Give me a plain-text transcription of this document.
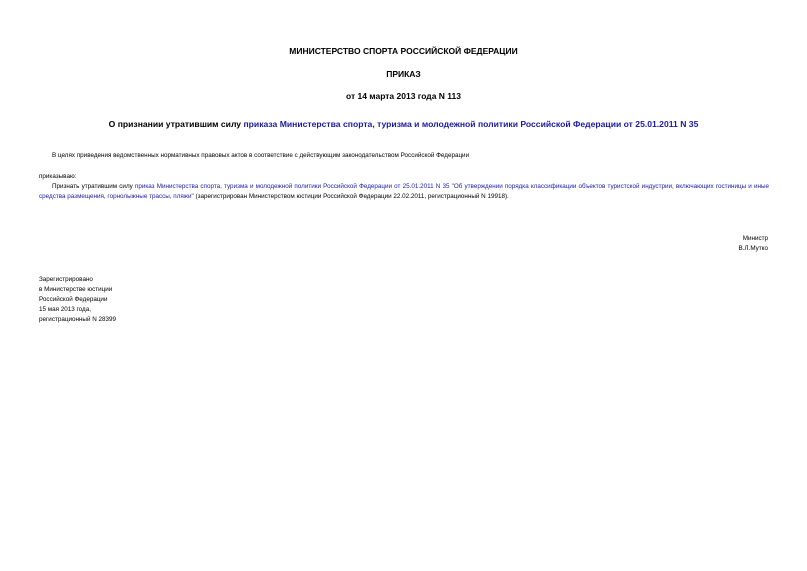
МИНИСТЕРСТВО СПОРТА РОССИЙСКОЙ ФЕДЕРАЦИИ
ПРИКАЗ
от 14 марта 2013 года N 113
О признании утратившим силу приказа Министерства спорта, туризма и молодежной политики Российской Федерации от 25.01.2011 N 35
В целях приведения ведомственных нормативных правовых актов в соответствие с действующим законодательством Российской Федерации
приказываю:
Признать утратившим силу приказ Министерства спорта, туризма и молодежной политики Российской Федерации от 25.01.2011 N 35 "Об утверждении порядка классификации объектов туристской индустрии, включающих гостиницы и иные средства размещения, горнолыжные трассы, пляжи" (зарегистрирован Министерством юстиции Российской Федерации 22.02.2011, регистрационный N 19918).
Министр
В.Л.Мутко
Зарегистрировано
в Министерстве юстиции
Российской Федерации
15 мая 2013 года,
регистрационный N 28399
